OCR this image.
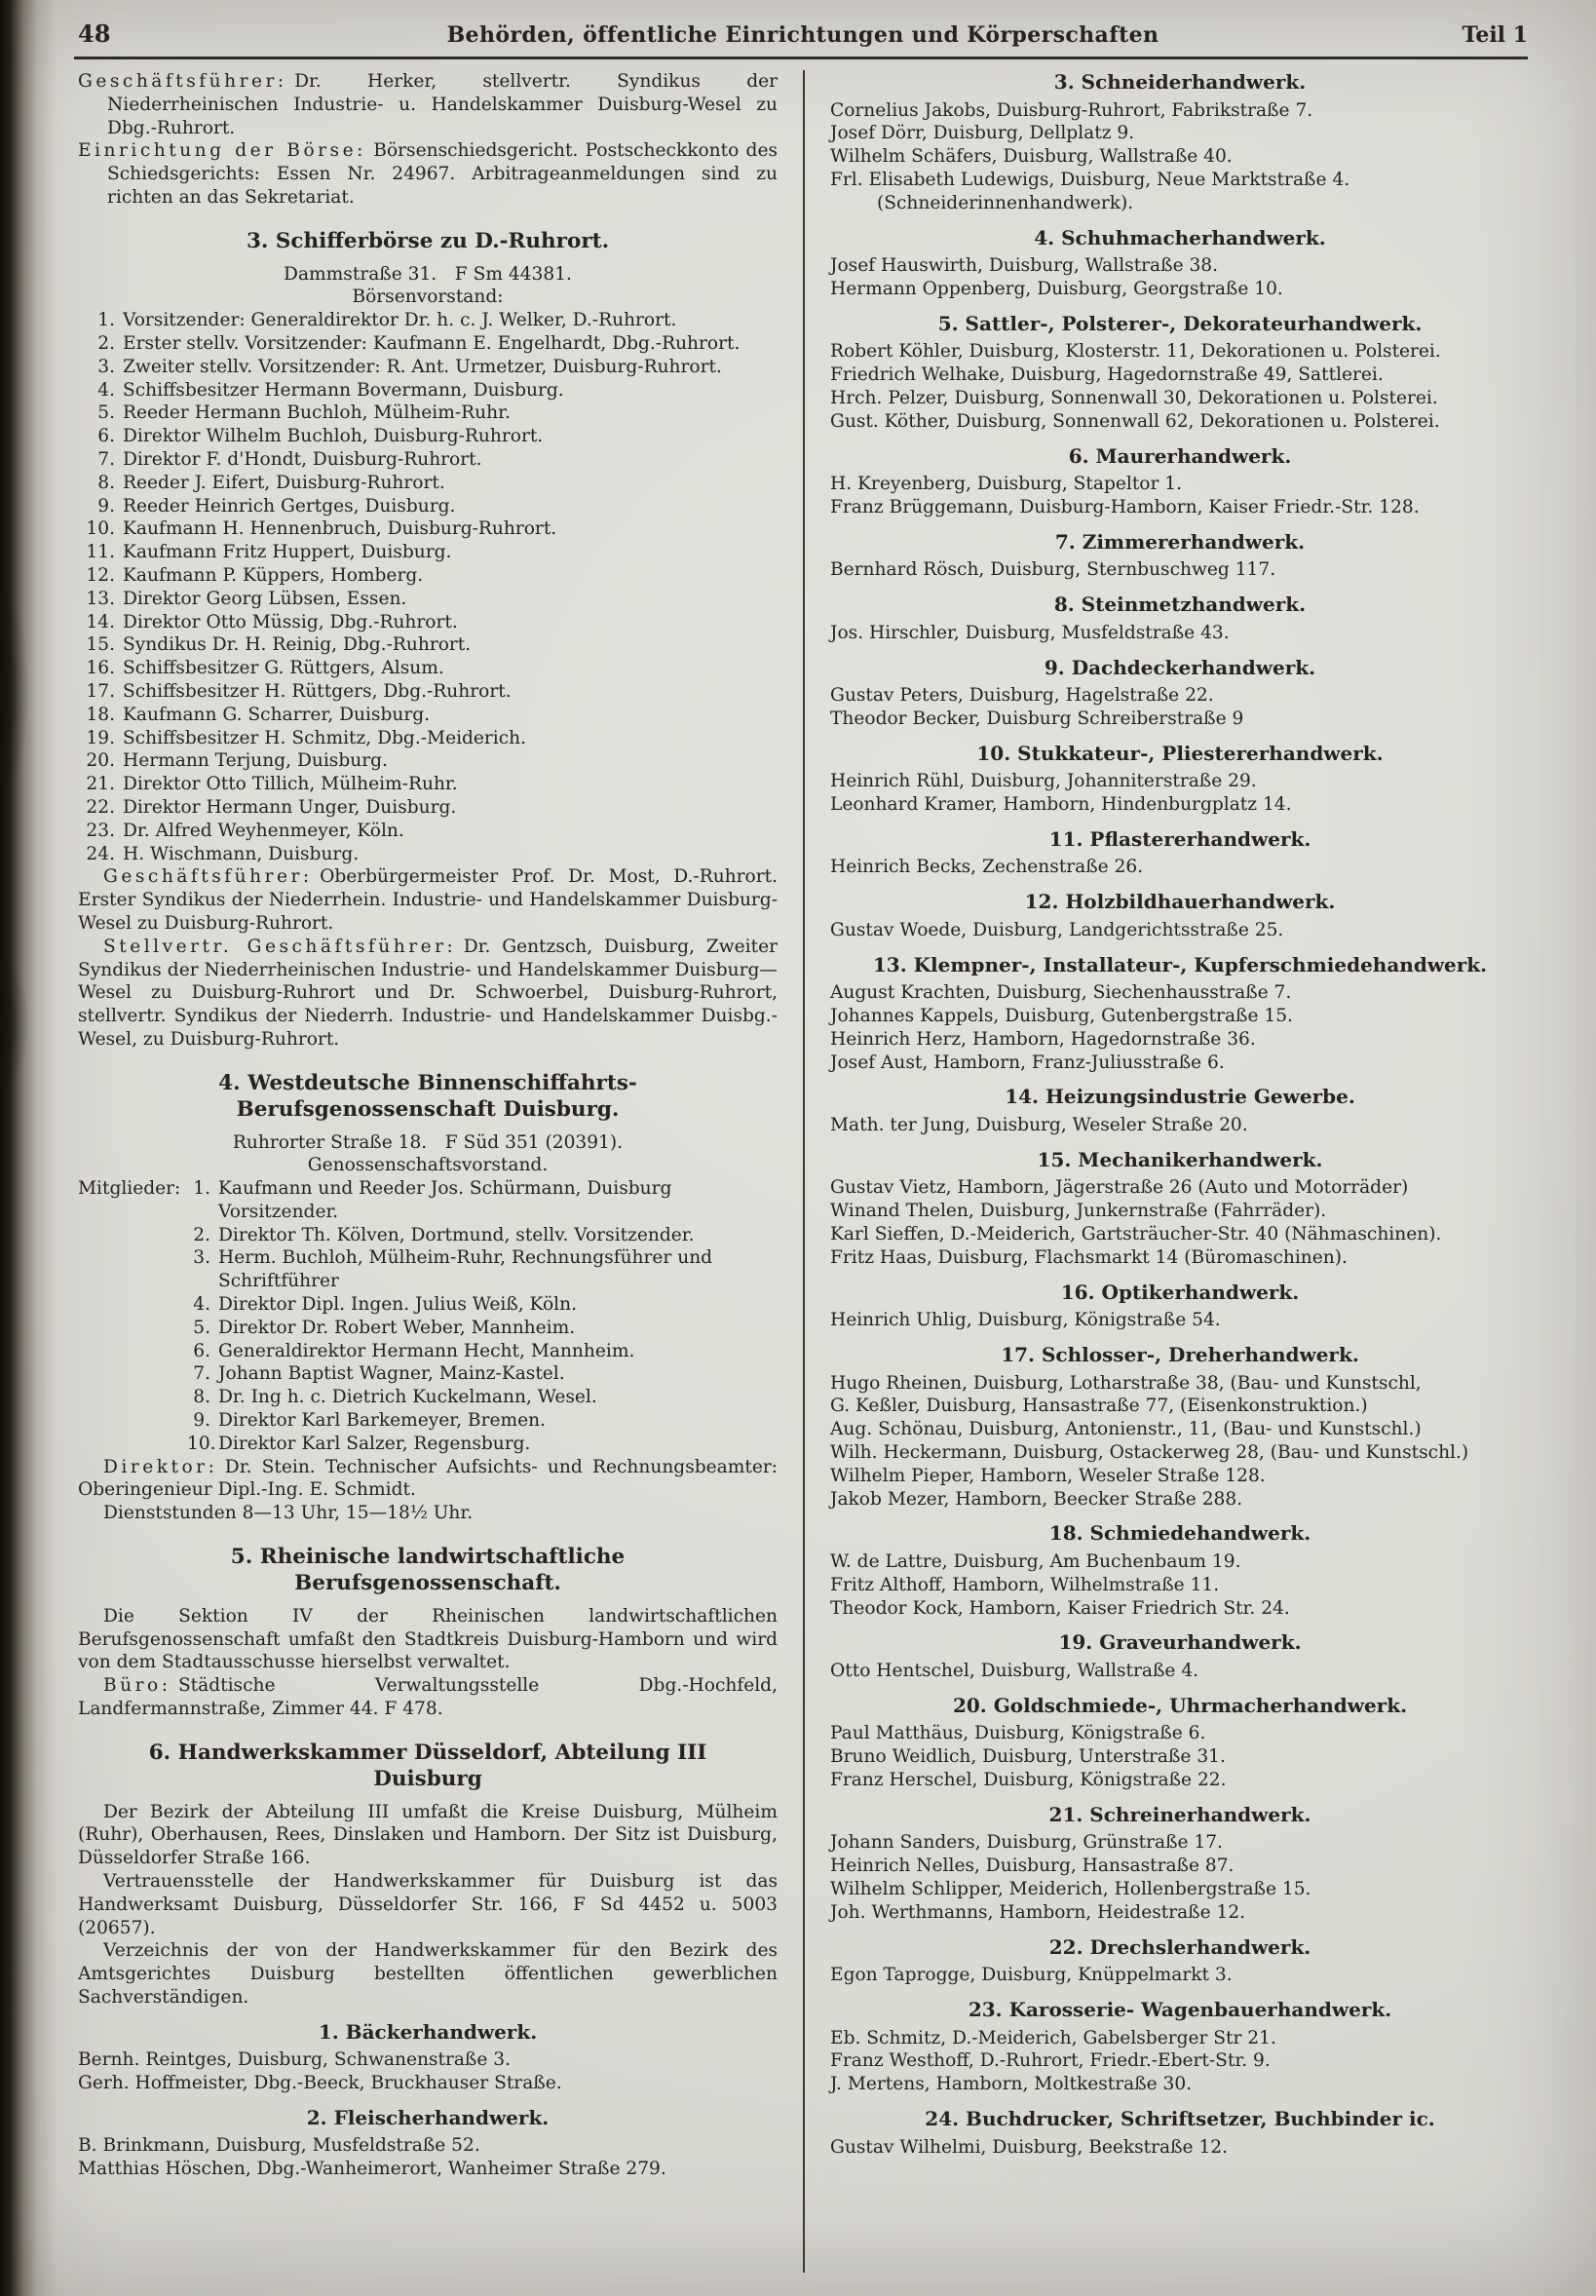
48	Behörden, öffentliche Einrichtungen und Körperschaften	Teil 1
Geschäftsführer: Dr. Herker, stellvertr. Syndikus der Niederrheinischen Industrie- u. Handelskammer Duisburg-Wesel zu Dbg.-Ruhrort.
Einrichtung der Börse: Börsenschiedsgericht. Postscheckkonto des Schiedsgerichts: Essen Nr. 24967. Arbitrageanmeldungen sind zu richten an das Sekretariat.
3. Schifferbörse zu D.-Ruhrort.
Dammstraße 31. F Sm 44381.
Börsenvorstand:
1. Vorsitzender: Generaldirektor Dr. h. c. J. Welker, D.-Ruhrort.
2. Erster stellv. Vorsitzender: Kaufmann E. Engelhardt, Dbg.-Ruhrort.
3. Zweiter stellv. Vorsitzender: R. Ant. Urmetzer, Duisburg-Ruhrort.
4. Schiffsbesitzer Hermann Bovermann, Duisburg.
5. Reeder Hermann Buchloh, Mülheim-Ruhr.
6. Direktor Wilhelm Buchloh, Duisburg-Ruhrort.
7. Direktor F. d'Hondt, Duisburg-Ruhrort.
8. Reeder J. Eifert, Duisburg-Ruhrort.
9. Reeder Heinrich Gertges, Duisburg.
10. Kaufmann H. Hennenbruch, Duisburg-Ruhrort.
11. Kaufmann Fritz Huppert, Duisburg.
12. Kaufmann P. Küppers, Homberg.
13. Direktor Georg Lübsen, Essen.
14. Direktor Otto Müssig, Dbg.-Ruhrort.
15. Syndikus Dr. H. Reinig, Dbg.-Ruhrort.
16. Schiffsbesitzer G. Rüttgers, Alsum.
17. Schiffsbesitzer H. Rüttgers, Dbg.-Ruhrort.
18. Kaufmann G. Scharrer, Duisburg.
19. Schiffsbesitzer H. Schmitz, Dbg.-Meiderich.
20. Hermann Terjung, Duisburg.
21. Direktor Otto Tillich, Mülheim-Ruhr.
22. Direktor Hermann Unger, Duisburg.
23. Dr. Alfred Weyhenmeyer, Köln.
24. H. Wischmann, Duisburg.
Geschäftsführer: Oberbürgermeister Prof. Dr. Most, D.-Ruhrort. Erster Syndikus der Niederrhein. Industrie- und Handelskammer Duisburg-Wesel zu Duisburg-Ruhrort.
Stellvertr. Geschäftsführer: Dr. Gentzsch, Duisburg, Zweiter Syndikus der Niederrheinischen Industrie- und Handelskammer Duisburg—Wesel zu Duisburg-Ruhrort und Dr. Schwoerbel, Duisburg-Ruhrort, stellvertr. Syndikus der Niederrh. Industrie- und Handelskammer Duisbg.-Wesel, zu Duisburg-Ruhrort.
4. Westdeutsche Binnenschiffahrts-Berufsgenossenschaft Duisburg.
Ruhrorter Straße 18. F Süd 351 (20391).
Genossenschaftsvorstand.
Mitglieder: 1. Kaufmann und Reeder Jos. Schürmann, Duisburg Vorsitzender.
2. Direktor Th. Kölven, Dortmund, stellv. Vorsitzender.
3. Herm. Buchloh, Mülheim-Ruhr, Rechnungsführer und Schriftführer
4. Direktor Dipl. Ingen. Julius Weiß, Köln.
5. Direktor Dr. Robert Weber, Mannheim.
6. Generaldirektor Hermann Hecht, Mannheim.
7. Johann Baptist Wagner, Mainz-Kastel.
8. Dr. Ing h. c. Dietrich Kuckelmann, Wesel.
9. Direktor Karl Barkemeyer, Bremen.
10. Direktor Karl Salzer, Regensburg.
Direktor: Dr. Stein. Technischer Aufsichts- und Rechnungsbeamter: Oberingenieur Dipl.-Ing. E. Schmidt.
Dienststunden 8—13 Uhr, 15—18½ Uhr.
5. Rheinische landwirtschaftliche Berufsgenossenschaft.
Die Sektion IV der Rheinischen landwirtschaftlichen Berufsgenossenschaft umfaßt den Stadtkreis Duisburg-Hamborn und wird von dem Stadtausschusse hierselbst verwaltet.
Büro: Städtische Verwaltungsstelle Dbg.-Hochfeld, Landfermannstraße, Zimmer 44. F 478.
6. Handwerkskammer Düsseldorf, Abteilung III Duisburg
Der Bezirk der Abteilung III umfaßt die Kreise Duisburg, Mülheim (Ruhr), Oberhausen, Rees, Dinslaken und Hamborn. Der Sitz ist Duisburg, Düsseldorfer Straße 166.
Vertrauensstelle der Handwerkskammer für Duisburg ist das Handwerksamt Duisburg, Düsseldorfer Str. 166, F Sd 4452 u. 5003 (20657).
Verzeichnis der von der Handwerkskammer für den Bezirk des Amtsgerichtes Duisburg bestellten öffentlichen gewerblichen Sachverständigen.
1. Bäckerhandwerk.
Bernh. Reintges, Duisburg, Schwanenstraße 3.
Gerh. Hoffmeister, Dbg.-Beeck, Bruckhauser Straße.
2. Fleischerhandwerk.
B. Brinkmann, Duisburg, Musfeldstraße 52.
Matthias Höschen, Dbg.-Wanheimerort, Wanheimer Straße 279.
3. Schneiderhandwerk.
Cornelius Jakobs, Duisburg-Ruhrort, Fabrikstraße 7.
Josef Dörr, Duisburg, Dellplatz 9.
Wilhelm Schäfers, Duisburg, Wallstraße 40.
Frl. Elisabeth Ludewigs, Duisburg, Neue Marktstraße 4.
(Schneiderinnenhandwerk).
4. Schuhmacherhandwerk.
Josef Hauswirth, Duisburg, Wallstraße 38.
Hermann Oppenberg, Duisburg, Georgstraße 10.
5. Sattler-, Polsterer-, Dekorateurhandwerk.
Robert Köhler, Duisburg, Klosterstr. 11, Dekorationen u. Polsterei.
Friedrich Welhake, Duisburg, Hagedornstraße 49, Sattlerei.
Hrch. Pelzer, Duisburg, Sonnenwall 30, Dekorationen u. Polsterei.
Gust. Köther, Duisburg, Sonnenwall 62, Dekorationen u. Polsterei.
6. Maurerhandwerk.
H. Kreyenberg, Duisburg, Stapeltor 1.
Franz Brüggemann, Duisburg-Hamborn, Kaiser Friedr.-Str. 128.
7. Zimmererhandwerk.
Bernhard Rösch, Duisburg, Sternbuschweg 117.
8. Steinmetzhandwerk.
Jos. Hirschler, Duisburg, Musfeldstraße 43.
9. Dachdeckerhandwerk.
Gustav Peters, Duisburg, Hagelstraße 22.
Theodor Becker, Duisburg Schreiberstraße 9
10. Stukkateur-, Pliestererhandwerk.
Heinrich Rühl, Duisburg, Johanniterstraße 29.
Leonhard Kramer, Hamborn, Hindenburgplatz 14.
11. Pflastererhandwerk.
Heinrich Becks, Zechenstraße 26.
12. Holzbildhauerhandwerk.
Gustav Woede, Duisburg, Landgerichtsstraße 25.
13. Klempner-, Installateur-, Kupferschmiedehandwerk.
August Krachten, Duisburg, Siechenhausstraße 7.
Johannes Kappels, Duisburg, Gutenbergstraße 15.
Heinrich Herz, Hamborn, Hagedornstraße 36.
Josef Aust, Hamborn, Franz-Juliusstraße 6.
14. Heizungsindustrie Gewerbe.
Math. ter Jung, Duisburg, Weseler Straße 20.
15. Mechanikerhandwerk.
Gustav Vietz, Hamborn, Jägerstraße 26 (Auto und Motorräder)
Winand Thelen, Duisburg, Junkernstraße (Fahrräder).
Karl Sieffen, D.-Meiderich, Gartsträucher-Str. 40 (Nähmaschinen).
Fritz Haas, Duisburg, Flachsmarkt 14 (Büromaschinen).
16. Optikerhandwerk.
Heinrich Uhlig, Duisburg, Königstraße 54.
17. Schlosser-, Dreherhandwerk.
Hugo Rheinen, Duisburg, Lotharstraße 38, (Bau- und Kunstschl,
G. Keßler, Duisburg, Hansastraße 77, (Eisenkonstruktion.)
Aug. Schönau, Duisburg, Antonienstr., 11, (Bau- und Kunstschl.)
Wilh. Heckermann, Duisburg, Ostackerweg 28, (Bau- und Kunstschl.)
Wilhelm Pieper, Hamborn, Weseler Straße 128.
Jakob Mezer, Hamborn, Beecker Straße 288.
18. Schmiedehandwerk.
W. de Lattre, Duisburg, Am Buchenbaum 19.
Fritz Althoff, Hamborn, Wilhelmstraße 11.
Theodor Kock, Hamborn, Kaiser Friedrich Str. 24.
19. Graveurhandwerk.
Otto Hentschel, Duisburg, Wallstraße 4.
20. Goldschmiede-, Uhrmacherhandwerk.
Paul Matthäus, Duisburg, Königstraße 6.
Bruno Weidlich, Duisburg, Unterstraße 31.
Franz Herschel, Duisburg, Königstraße 22.
21. Schreinerhandwerk.
Johann Sanders, Duisburg, Grünstraße 17.
Heinrich Nelles, Duisburg, Hansastraße 87.
Wilhelm Schlipper, Meiderich, Hollenbergstraße 15.
Joh. Werthmanns, Hamborn, Heidestraße 12.
22. Drechslerhandwerk.
Egon Taprogge, Duisburg, Knüppelmarkt 3.
23. Karosserie- Wagenbauerhandwerk.
Eb. Schmitz, D.-Meiderich, Gabelsberger Str 21.
Franz Westhoff, D.-Ruhrort, Friedr.-Ebert-Str. 9.
J. Mertens, Hamborn, Moltkestraße 30.
24. Buchdrucker, Schriftsetzer, Buchbinder ic.
Gustav Wilhelmi, Duisburg, Beekstraße 12.
